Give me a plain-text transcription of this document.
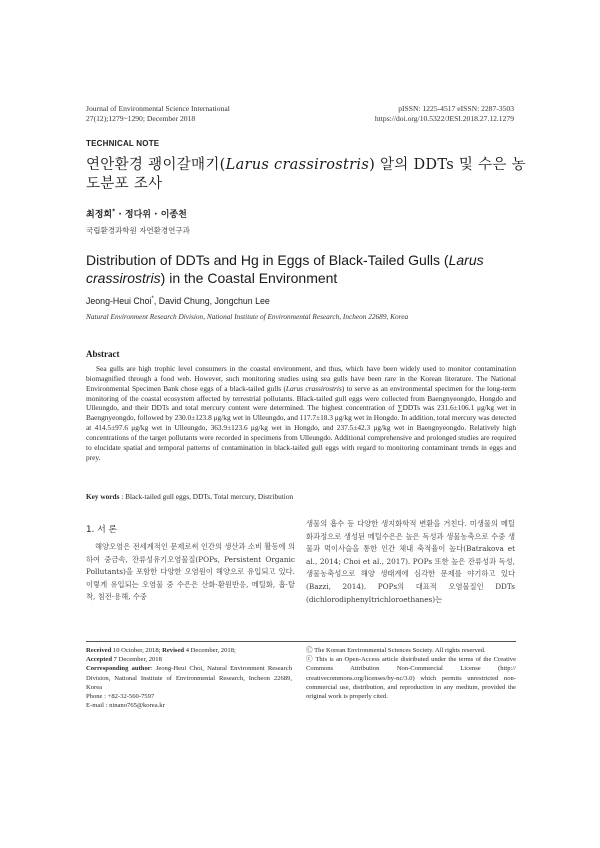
Journal of Environmental Science International
27(12);1279~1290; December 2018
pISSN: 1225-4517 eISSN: 2287-3503
https://doi.org/10.5322/JESI.2018.27.12.1279
TECHNICAL NOTE
연안환경 괭이갈매기(Larus crassirostris) 알의 DDTs 및 수은 농도분포 조사
최정희* · 정다위 · 이종천
국립환경과학원 자연환경연구과
Distribution of DDTs and Hg in Eggs of Black-Tailed Gulls (Larus crassirostris) in the Coastal Environment
Jeong-Heui Choi*, David Chung, Jongchun Lee
Natural Environment Research Division, National Institute of Environmental Research, Incheon 22689, Korea
Abstract

Sea gulls are high trophic level consumers in the coastal environment, and thus, which have been widely used to monitor contamination biomagnified through a food web. However, such monitoring studies using sea gulls have been rare in the Korean literature. The National Environmental Specimen Bank chose eggs of a black-tailed gulls (Larus crassirostris) to serve as an environmental specimen for the long-term monitoring of the coastal ecosystem affected by terrestrial pollutants. Black-tailed gull eggs were collected from Baengnyeongdo, Hongdo and Ulleungdo, and their DDTs and total mercury content were determined. The highest concentration of ∑DDTs was 231.6±106.1 μg/kg wet in Baengnyeongdo, followed by 230.0±123.8 μg/kg wet in Ulleungdo, and 117.7±18.3 μg/kg wet in Hongdo. In addition, total mercury was detected at 414.5±97.6 μg/kg wet in Ulleungdo, 363.9±123.6 μg/kg wet in Hongdo, and 237.5±42.3 μg/kg wet in Baengnyeongdo. Relatively high concentrations of the target pollutants were recorded in specimens from Ulleungdo. Additional comprehensive and prolonged studies are required to elucidate spatial and temporal patterns of contamination in black-tailed gull eggs with regard to monitoring contaminant trends in eggs and prey.

Key words : Black-tailed gull eggs, DDTs, Total mercury, Distribution
1. 서 론

해양오염은 전세계적인 문제로써 인간의 생산과 소비 활동에 의하여 중금속, 잔류성유기오염물질(POPs, Persistent Organic Pollutants)을 포함한 다양한 오염원이 해양으로 유입되고 있다. 이렇게 유입되는 오염물 중 수은은 산화·환원반응, 메틸화, 흡·탈착, 침전·용해, 수중

생물의 흡수 등 다양한 생지화학적 변환을 거친다. 미생물의 메틸화과정으로 생성된 메틸수은은 높은 독성과 생물농축으로 수중 생물과 먹이사슬을 통한 인간 체내 축적율이 높다(Batrakova et al., 2014; Choi et al., 2017). POPs 또한 높은 잔류성과 독성, 생물농축성으로 해양 생태계에 심각한 문제를 야기하고 있다(Bazzi, 2014). POPs의 대표적 오염물질인 DDTs (dichlorodiphenyltrichloroethanes)는

Received 10 October, 2018; Revised 4 December, 2018;
Accepted 7 December, 2018
Corresponding author: Jeong-Heui Choi, Natural Environment Research Division, National Institute of Environmental Research, Incheon 22689, Korea
Phone : +82-32-560-7597
E-mail : ninano765@korea.kr
Ⓒ The Korean Environmental Sciences Society. All rights reserved.
ⓒ This is an Open-Access article distributed under the terms of the Creative Commons Attribution Non-Commercial License (http:// creativecommons.org/licenses/by-nc/3.0) which permits unrestricted non-commercial use, distribution, and reproduction in any medium, provided the original work is properly cited.
